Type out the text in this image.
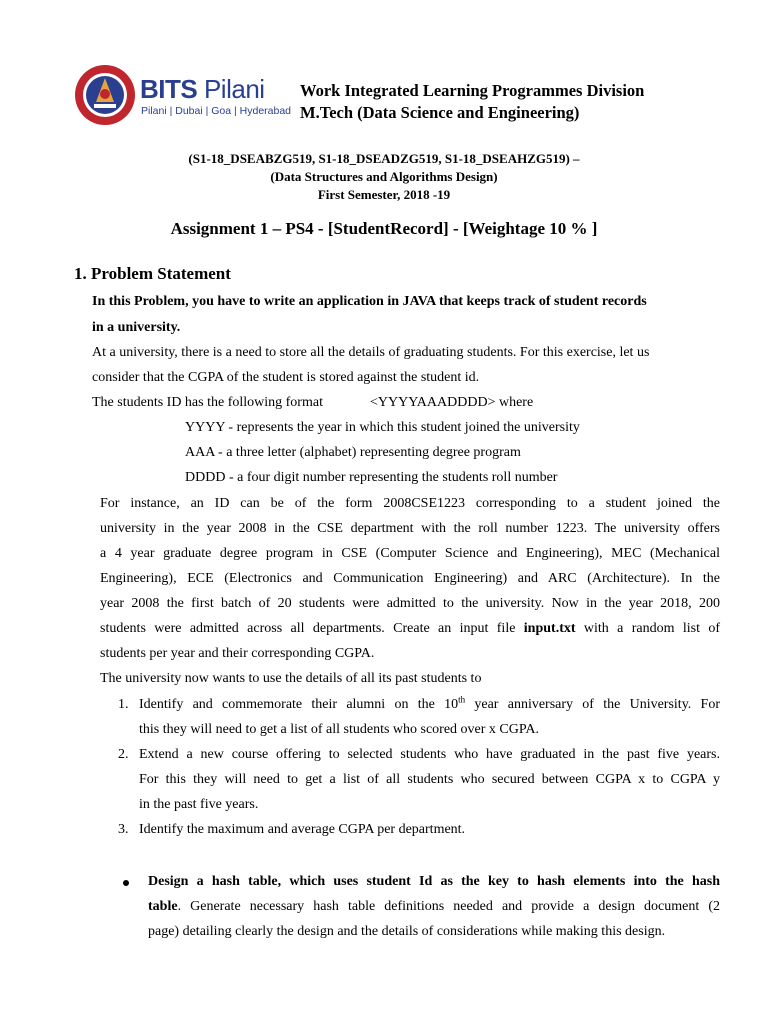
BITS Pilani
Pilani | Dubai | Goa | Hyderabad
Work Integrated Learning Programmes Division
M.Tech (Data Science and Engineering)
(S1-18_DSEABZG519, S1-18_DSEADZG519, S1-18_DSEAHZG519) –
(Data Structures and Algorithms Design)
First Semester, 2018 -19
Assignment 1 – PS4 - [StudentRecord] - [Weightage 10 % ]
1. Problem Statement
In this Problem, you have to write an application in JAVA that keeps track of student records
in a university.
At a university, there is a need to store all the details of graduating students. For this exercise, let us
consider that the CGPA of the student is stored against the student id.
The students ID has the following format	<YYYYAAADDDD> where
YYYY - represents the year in which this student joined the university
AAA - a three letter (alphabet) representing degree program
DDDD - a four digit number representing the students roll number
For instance, an ID can be of the form 2008CSE1223 corresponding to a student joined the
university in the year 2008 in the CSE department with the roll number 1223. The university offers
a 4 year graduate degree program in CSE (Computer Science and Engineering), MEC (Mechanical
Engineering), ECE (Electronics and Communication Engineering) and ARC (Architecture). In the
year 2008 the first batch of 20 students were admitted to the university. Now in the year 2018, 200
students were admitted across all departments. Create an input file input.txt with a random list of
students per year and their corresponding CGPA.
The university now wants to use the details of all its past students to
1. Identify and commemorate their alumni on the 10th year anniversary of the University. For
this they will need to get a list of all students who scored over x CGPA.
2. Extend a new course offering to selected students who have graduated in the past five years.
For this they will need to get a list of all students who secured between CGPA x to CGPA y
in the past five years.
3. Identify the maximum and average CGPA per department.
Design a hash table, which uses student Id as the key to hash elements into the hash
table. Generate necessary hash table definitions needed and provide a design document (2
page) detailing clearly the design and the details of considerations while making this design.
